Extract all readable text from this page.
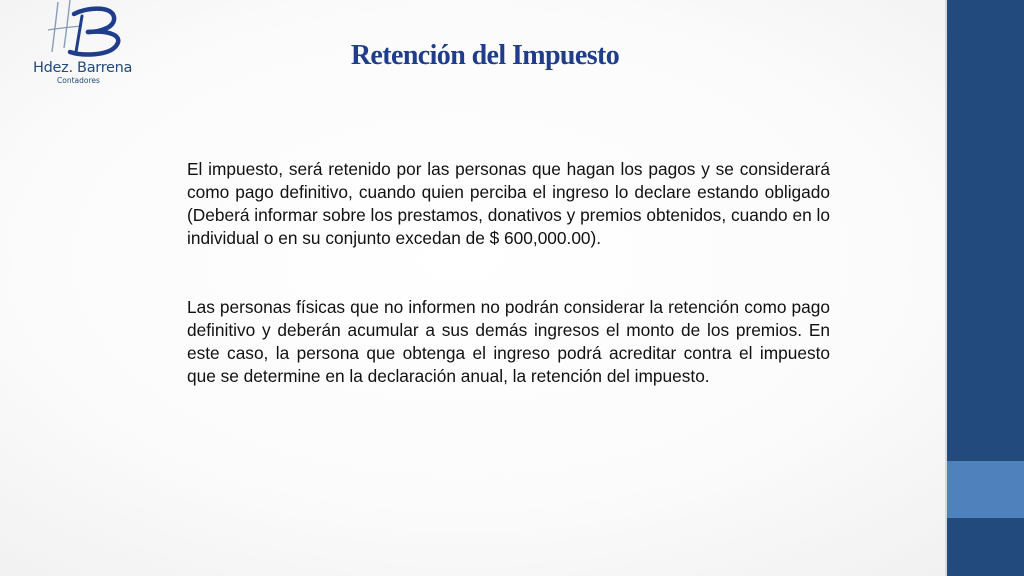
Hdez. Barrena
Contadores
Retención del Impuesto

El impuesto, será retenido por las personas que hagan los pagos y se considerará como pago definitivo, cuando quien perciba el ingreso lo declare estando obligado (Deberá informar sobre los prestamos, donativos y premios obtenidos, cuando en lo individual o en su conjunto excedan de $ 600,000.00).

Las personas físicas que no informen no podrán considerar la retención como pago definitivo y deberán acumular a sus demás ingresos el monto de los premios. En este caso, la persona que obtenga el ingreso podrá acreditar contra el impuesto que se determine en la declaración anual, la retención del impuesto.
